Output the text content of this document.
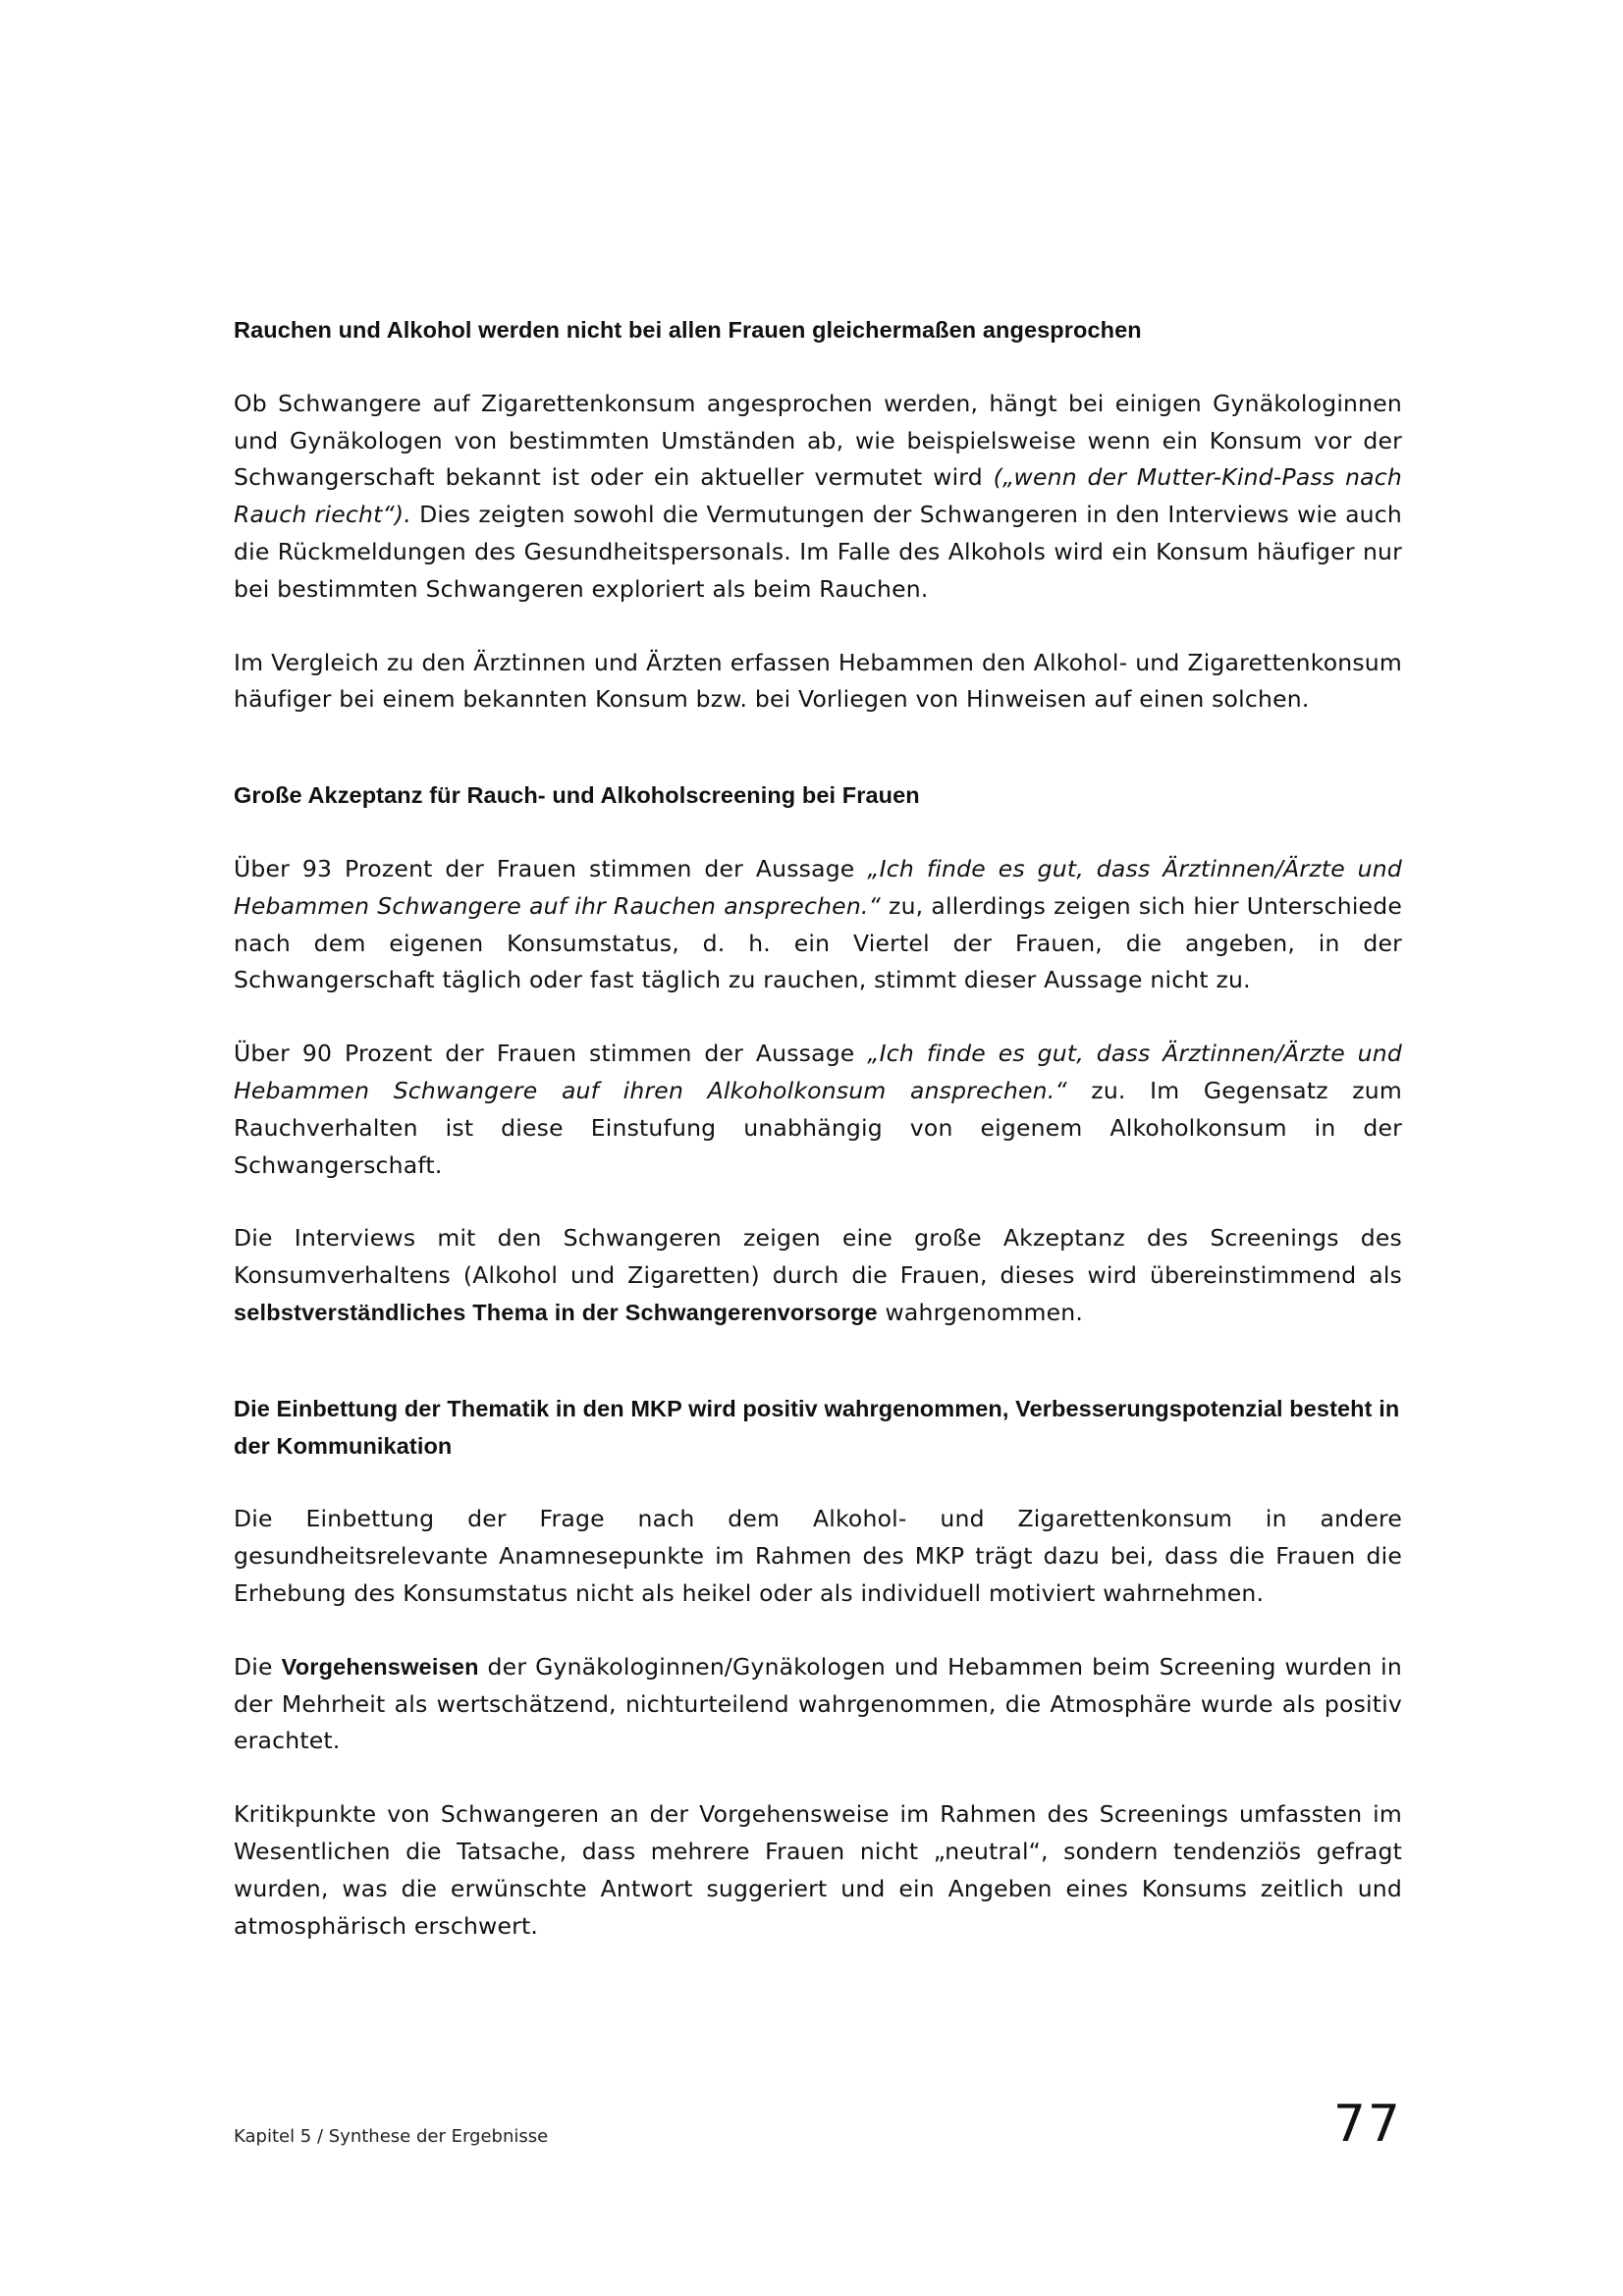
Rauchen und Alkohol werden nicht bei allen Frauen gleichermaßen angesprochen

Ob Schwangere auf Zigarettenkonsum angesprochen werden, hängt bei einigen Gynäkologinnen und Gynäkologen von bestimmten Umständen ab, wie beispielsweise wenn ein Konsum vor der Schwangerschaft bekannt ist oder ein aktueller vermutet wird („wenn der Mutter-Kind-Pass nach Rauch riecht“). Dies zeigten sowohl die Vermutungen der Schwangeren in den Interviews wie auch die Rückmeldungen des Gesundheitspersonals. Im Falle des Alkohols wird ein Konsum häufiger nur bei bestimmten Schwangeren exploriert als beim Rauchen.

Im Vergleich zu den Ärztinnen und Ärzten erfassen Hebammen den Alkohol- und Zigarettenkonsum häufiger bei einem bekannten Konsum bzw. bei Vorliegen von Hinweisen auf einen solchen.

Große Akzeptanz für Rauch- und Alkoholscreening bei Frauen

Über 93 Prozent der Frauen stimmen der Aussage „Ich finde es gut, dass Ärztinnen/Ärzte und Hebammen Schwangere auf ihr Rauchen ansprechen.“ zu, allerdings zeigen sich hier Unterschiede nach dem eigenen Konsumstatus, d. h. ein Viertel der Frauen, die angeben, in der Schwangerschaft täglich oder fast täglich zu rauchen, stimmt dieser Aussage nicht zu.

Über 90 Prozent der Frauen stimmen der Aussage „Ich finde es gut, dass Ärztinnen/Ärzte und Hebammen Schwangere auf ihren Alkoholkonsum ansprechen.“ zu. Im Gegensatz zum Rauchverhalten ist diese Einstufung unabhängig von eigenem Alkoholkonsum in der Schwangerschaft.

Die Interviews mit den Schwangeren zeigen eine große Akzeptanz des Screenings des Konsumverhaltens (Alkohol und Zigaretten) durch die Frauen, dieses wird übereinstimmend als selbstverständliches Thema in der Schwangerenvorsorge wahrgenommen.

Die Einbettung der Thematik in den MKP wird positiv wahrgenommen, Verbesserungspotenzial besteht in der Kommunikation

Die Einbettung der Frage nach dem Alkohol- und Zigarettenkonsum in andere gesundheitsrelevante Anamnesepunkte im Rahmen des MKP trägt dazu bei, dass die Frauen die Erhebung des Konsumstatus nicht als heikel oder als individuell motiviert wahrnehmen.

Die Vorgehensweisen der Gynäkologinnen/Gynäkologen und Hebammen beim Screening wurden in der Mehrheit als wertschätzend, nichturteilend wahrgenommen, die Atmosphäre wurde als positiv erachtet.

Kritikpunkte von Schwangeren an der Vorgehensweise im Rahmen des Screenings umfassten im Wesentlichen die Tatsache, dass mehrere Frauen nicht „neutral“, sondern tendenziös gefragt wurden, was die erwünschte Antwort suggeriert und ein Angeben eines Konsums zeitlich und atmosphärisch erschwert.

Kapitel 5 / Synthese der Ergebnisse	77
